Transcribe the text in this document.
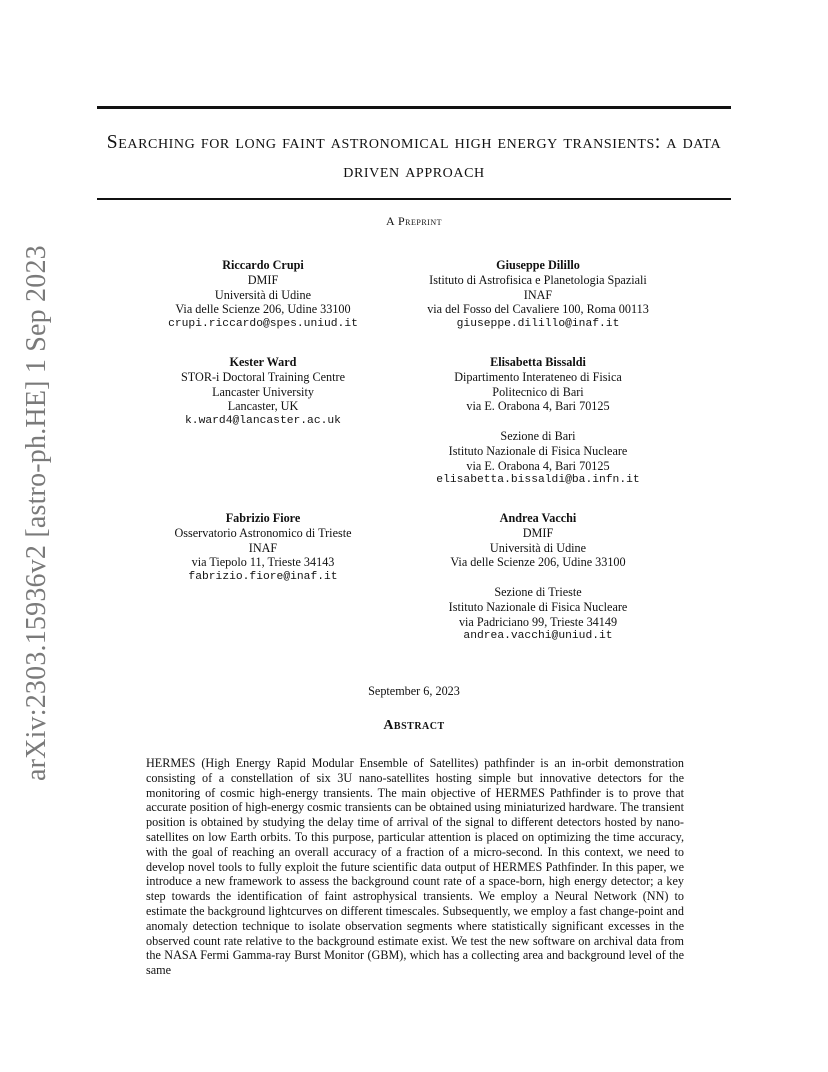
arXiv:2303.15936v2 [astro-ph.HE] 1 Sep 2023
Searching for long faint astronomical high energy transients: a data driven approach
A Preprint
Riccardo Crupi
DMIF
Università di Udine
Via delle Scienze 206, Udine 33100
crupi.riccardo@spes.uniud.it
Giuseppe Dilillo
Istituto di Astrofisica e Planetologia Spaziali
INAF
via del Fosso del Cavaliere 100, Roma 00113
giuseppe.dilillo@inaf.it
Kester Ward
STOR-i Doctoral Training Centre
Lancaster University
Lancaster, UK
k.ward4@lancaster.ac.uk
Elisabetta Bissaldi
Dipartimento Interateneo di Fisica
Politecnico di Bari
via E. Orabona 4, Bari 70125
Sezione di Bari
Istituto Nazionale di Fisica Nucleare
via E. Orabona 4, Bari 70125
elisabetta.bissaldi@ba.infn.it
Fabrizio Fiore
Osservatorio Astronomico di Trieste
INAF
via Tiepolo 11, Trieste 34143
fabrizio.fiore@inaf.it
Andrea Vacchi
DMIF
Università di Udine
Via delle Scienze 206, Udine 33100
Sezione di Trieste
Istituto Nazionale di Fisica Nucleare
via Padriciano 99, Trieste 34149
andrea.vacchi@uniud.it
September 6, 2023
Abstract
HERMES (High Energy Rapid Modular Ensemble of Satellites) pathfinder is an in-orbit demonstration consisting of a constellation of six 3U nano-satellites hosting simple but innovative detectors for the monitoring of cosmic high-energy transients. The main objective of HERMES Pathfinder is to prove that accurate position of high-energy cosmic transients can be obtained using miniaturized hardware. The transient position is obtained by studying the delay time of arrival of the signal to different detectors hosted by nano-satellites on low Earth orbits. To this purpose, particular attention is placed on optimizing the time accuracy, with the goal of reaching an overall accuracy of a fraction of a micro-second. In this context, we need to develop novel tools to fully exploit the future scientific data output of HERMES Pathfinder. In this paper, we introduce a new framework to assess the background count rate of a space-born, high energy detector; a key step towards the identification of faint astrophysical transients. We employ a Neural Network (NN) to estimate the background lightcurves on different timescales. Subsequently, we employ a fast change-point and anomaly detection technique to isolate observation segments where statistically significant excesses in the observed count rate relative to the background estimate exist. We test the new software on archival data from the NASA Fermi Gamma-ray Burst Monitor (GBM), which has a collecting area and background level of the same
